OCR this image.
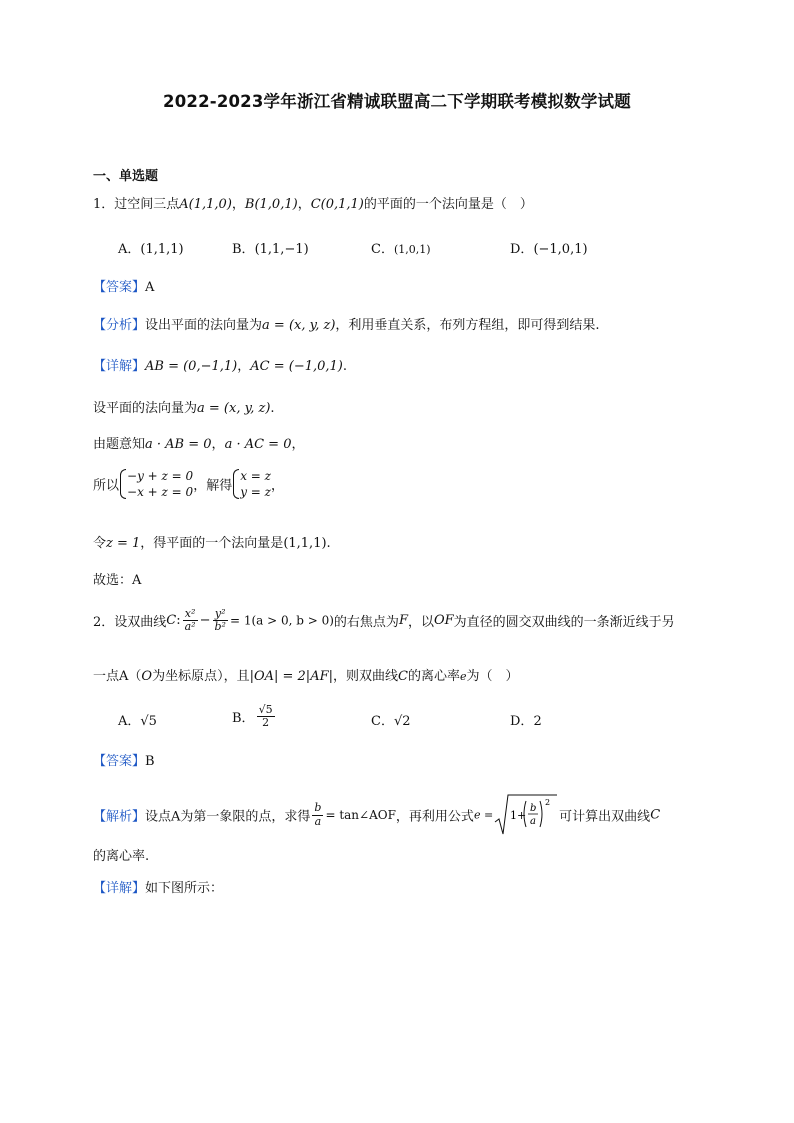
2022-2023学年浙江省精诚联盟高二下学期联考模拟数学试题
一、单选题
1．过空间三点A(1,1,0)，B(1,0,1)，C(0,1,1)的平面的一个法向量是（　）
A．(1,1,1)	B．(1,1,−1)	C．(1,0,1)	D．(−1,0,1)
【答案】A
【分析】设出平面的法向量为a = (x, y, z)，利用垂直关系，布列方程组，即可得到结果.
【详解】AB = (0,−1,1)，AC = (−1,0,1).
设平面的法向量为a = (x, y, z).
由题意知a · AB = 0，a · AC = 0，
所以
−y + z = 0
−x + z = 0 ，解得
x = z
y = z ，
令z = 1，得平面的一个法向量是(1,1,1).
故选：A
2．设双曲线C: $\frac{\text{x²}}{\text{a²}} - \frac{\text{y²}}{\text{b²}} = 1(a > 0$, b > 0)的右焦点为F，以OF为直径的圆交双曲线的一条渐近线于另
一点A（O为坐标原点），且|OA| = 2|AF|，则双曲线C的离心率e为（　）
A．√5	B． $\frac{√5}{2}$	C．√2	D．2
【答案】B
【解析】设点A为第一象限的点，求得 $\frac{b}{a}$ = tan∠AOF，再利用公式e = 1+
b
a
2
可计算出双曲线C
的离心率.
【详解】如下图所示：
